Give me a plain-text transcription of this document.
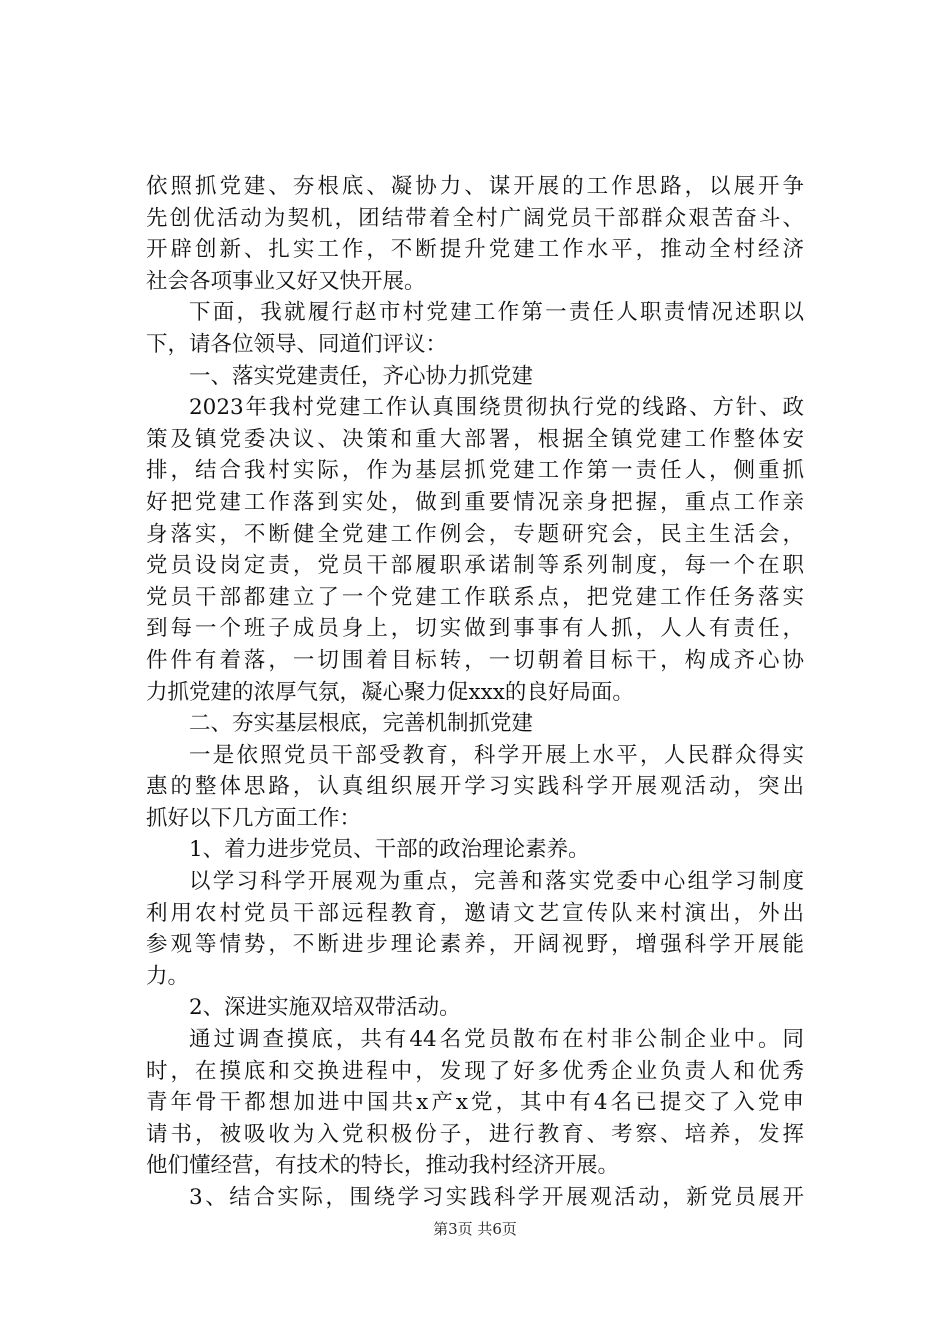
依照抓党建、夯根底、凝协力、谋开展的工作思路，以展开争
先创优活动为契机，团结带着全村广阔党员干部群众艰苦奋斗、
开辟创新、扎实工作，不断提升党建工作水平，推动全村经济
社会各项事业又好又快开展。
下面，我就履行赵市村党建工作第一责任人职责情况述职以
下，请各位领导、同道们评议：
一、落实党建责任，齐心协力抓党建
2023年我村党建工作认真围绕贯彻执行党的线路、方针、政
策及镇党委决议、决策和重大部署，根据全镇党建工作整体安
排，结合我村实际，作为基层抓党建工作第一责任人，侧重抓
好把党建工作落到实处，做到重要情况亲身把握，重点工作亲
身落实，不断健全党建工作例会，专题研究会，民主生活会，
党员设岗定责，党员干部履职承诺制等系列制度，每一个在职
党员干部都建立了一个党建工作联系点，把党建工作任务落实
到每一个班子成员身上，切实做到事事有人抓，人人有责任，
件件有着落，一切围着目标转，一切朝着目标干，构成齐心协
力抓党建的浓厚气氛，凝心聚力促xxx的良好局面。
二、夯实基层根底，完善机制抓党建
一是依照党员干部受教育，科学开展上水平，人民群众得实
惠的整体思路，认真组织展开学习实践科学开展观活动，突出
抓好以下几方面工作：
1、着力进步党员、干部的政治理论素养。
以学习科学开展观为重点，完善和落实党委中心组学习制度
利用农村党员干部远程教育，邀请文艺宣传队来村演出，外出
参观等情势，不断进步理论素养，开阔视野，增强科学开展能
力。
2、深进实施双培双带活动。
通过调查摸底，共有44名党员散布在村非公制企业中。同
时，在摸底和交换进程中，发现了好多优秀企业负责人和优秀
青年骨干都想加进中国共x产x党，其中有4名已提交了入党申
请书，被吸收为入党积极份子，进行教育、考察、培养，发挥
他们懂经营，有技术的特长，推动我村经济开展。
3、结合实际，围绕学习实践科学开展观活动，新党员展开
第3页 共6页
